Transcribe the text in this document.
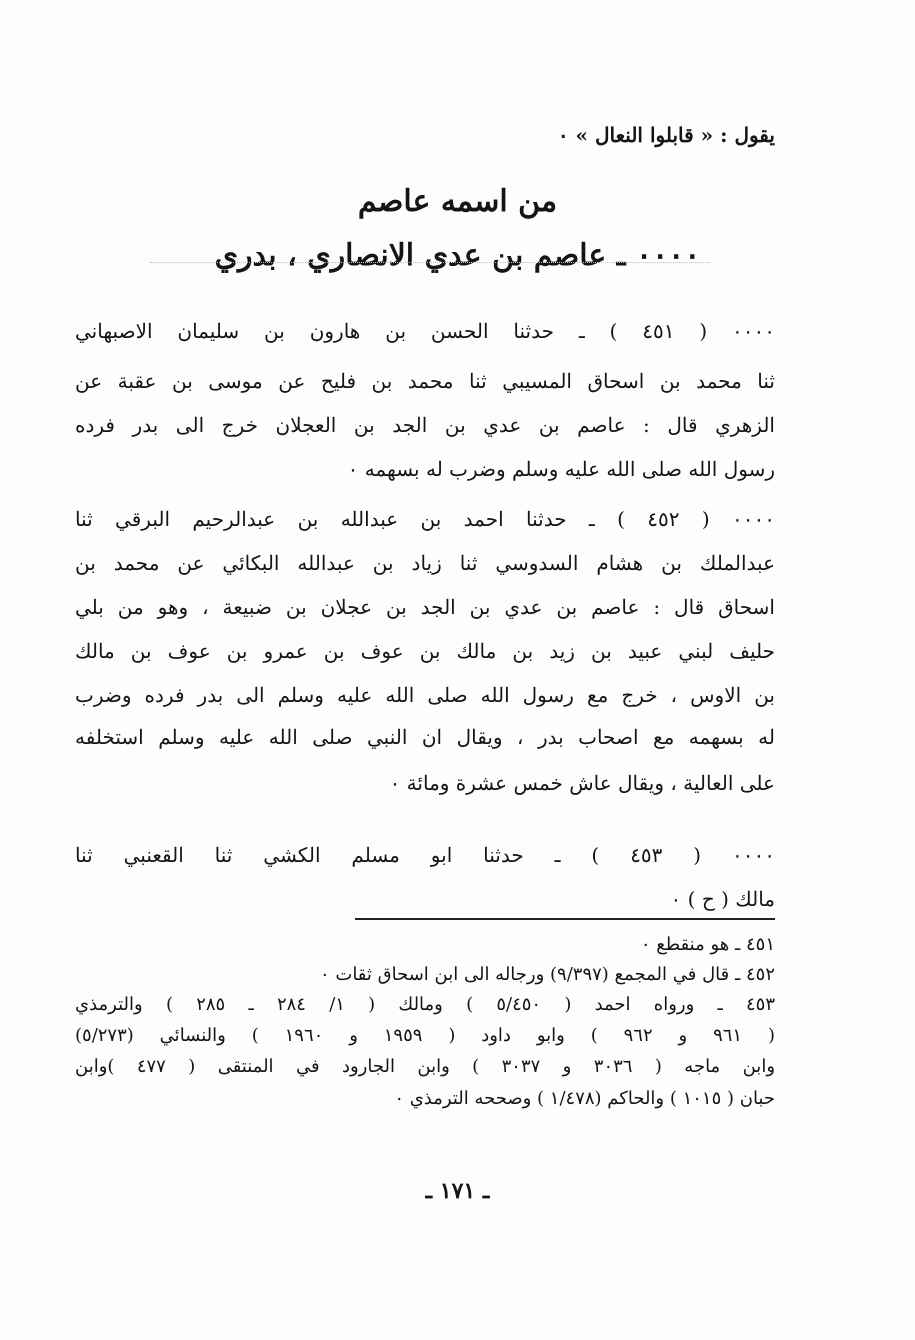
يقول : « قابلوا النعال » ٠
من اسمه عاصم
٠٠٠٠ ـ عاصم بن عدي الانصاري ، بدري
٠٠٠٠ ( ٤٥١ ) ـ حدثنا الحسن بن هارون بن سليمان الاصبهاني
ثنا محمد بن اسحاق المسيبي ثنا محمد بن فليح عن موسى بن عقبة عن
الزهري قال : عاصم بن عدي بن الجد بن العجلان خرج الى بدر فرده
رسول الله صلى الله عليه وسلم وضرب له بسهمه ٠
٠٠٠٠ ( ٤٥٢ ) ـ حدثنا احمد بن عبدالله بن عبدالرحيم البرقي ثنا
عبدالملك بن هشام السدوسي ثنا زياد بن عبدالله البكائي عن محمد بن
اسحاق قال : عاصم بن عدي بن الجد بن عجلان بن ضبيعة ، وهو من بلي
حليف لبني عبيد بن زيد بن مالك بن عوف بن عمرو بن عوف بن مالك
بن الاوس ، خرج مع رسول الله صلى الله عليه وسلم الى بدر فرده وضرب
له بسهمه مع اصحاب بدر ، ويقال ان النبي صلى الله عليه وسلم استخلفه
على العالية ، ويقال عاش خمس عشرة ومائة ٠
٠٠٠٠ ( ٤٥٣ ) ـ حدثنا ابو مسلم الكشي ثنا القعنبي ثنا
مالك ( ح ) ٠
٤٥١ ـ هو منقطع ٠
٤٥٢ ـ قال في المجمع (٩/٣٩٧) ورجاله الى ابن اسحاق ثقات ٠
٤٥٣ ـ ورواه احمد ( ٥/٤٥٠ ) ومالك ( ١/ ٢٨٤ ـ ٢٨٥ ) والترمذي
( ٩٦١ و ٩٦٢ ) وابو داود ( ١٩٥٩ و ١٩٦٠ ) والنسائي (٥/٢٧٣)
وابن ماجه ( ٣٠٣٦ و ٣٠٣٧ ) وابن الجارود في المنتقى ( ٤٧٧ )وابن
حبان ( ١٠١٥ ) والحاكم (١/٤٧٨ ) وصححه الترمذي ٠
ـ ١٧١ ـ
